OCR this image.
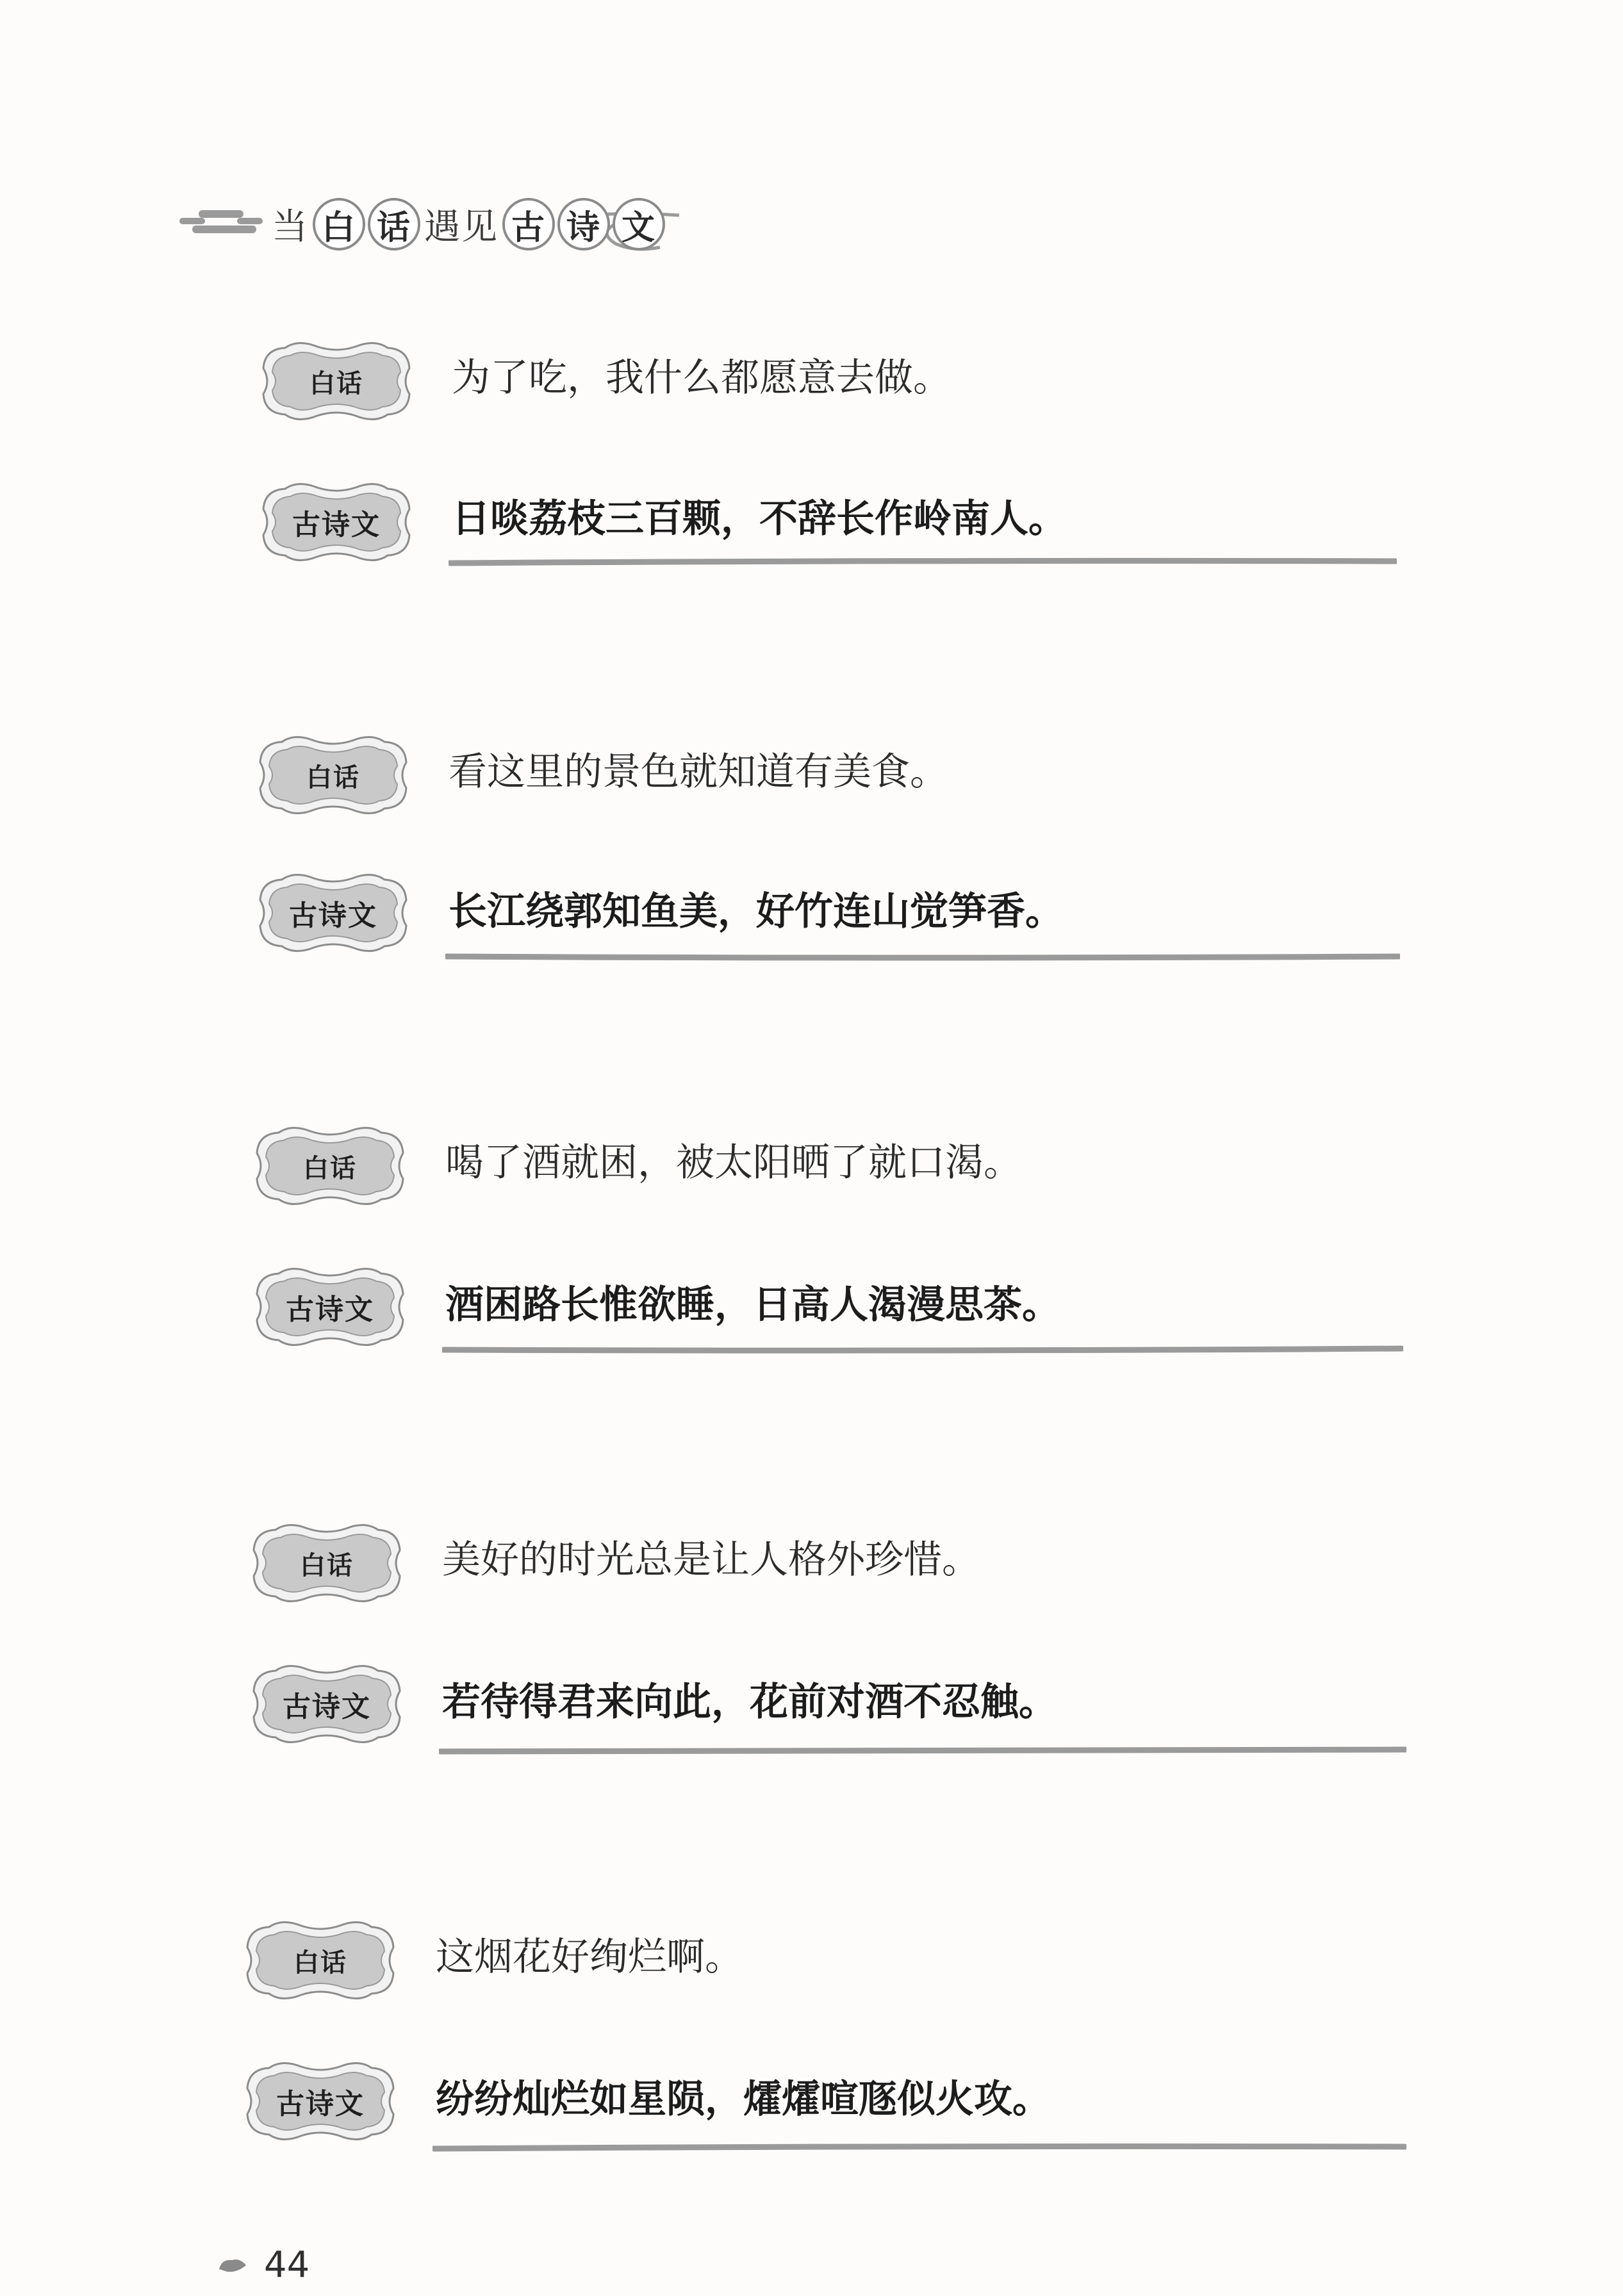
当 白 话 遇见 古 诗 文
白话	为了吃，我什么都愿意去做。
古诗文	日啖荔枝三百颗，不辞长作岭南人。
白话	看这里的景色就知道有美食。
古诗文	长江绕郭知鱼美，好竹连山觉笋香。
白话	喝了酒就困，被太阳晒了就口渴。
古诗文	酒困路长惟欲睡，日高人渴漫思茶。
白话	美好的时光总是让人格外珍惜。
古诗文	若待得君来向此，花前对酒不忍触。
白话	这烟花好绚烂啊。
古诗文	纷纷灿烂如星陨，㸌㸌喧豗似火攻。
44
